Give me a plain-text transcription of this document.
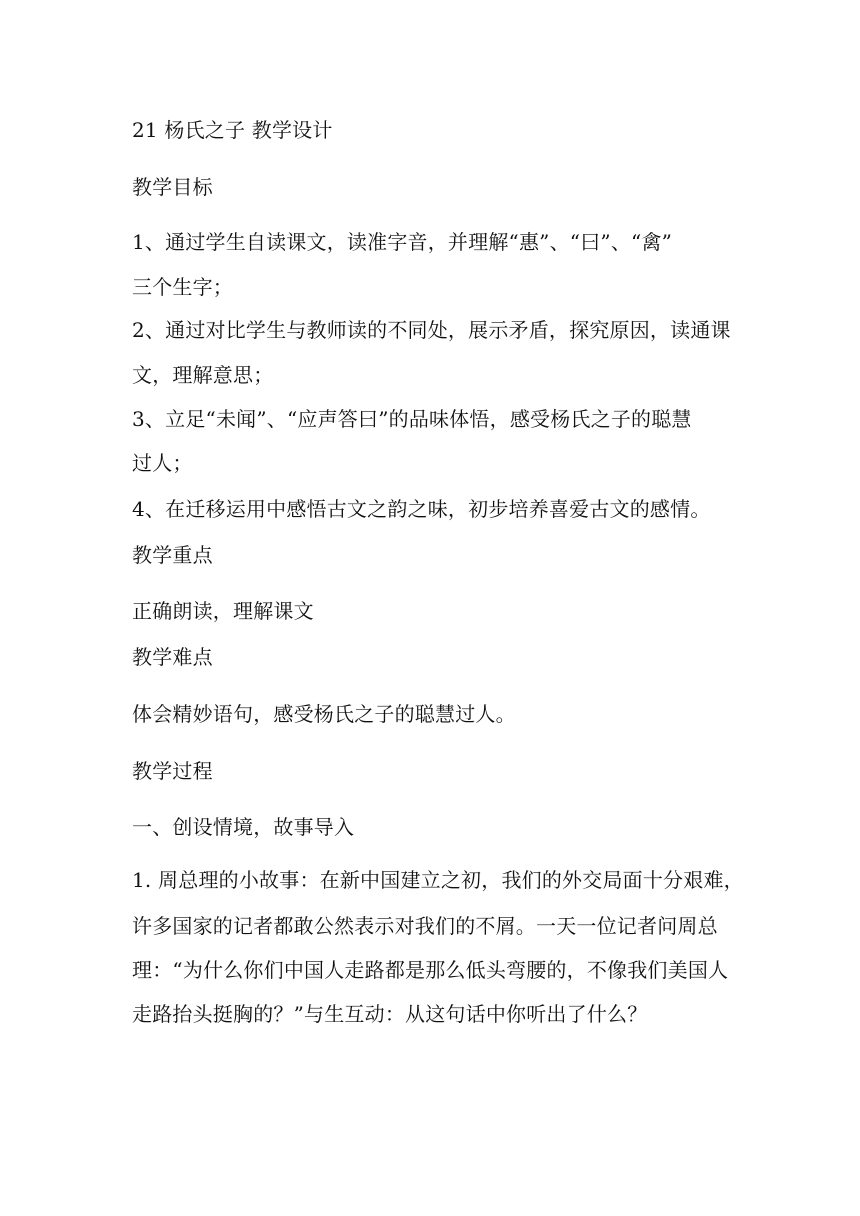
21 杨氏之子 教学设计
教学目标
1、通过学生自读课文，读准字音，并理解“惠”、“曰”、“禽”
三个生字；
2、通过对比学生与教师读的不同处，展示矛盾，探究原因，读通课
文，理解意思；
3、立足“未闻”、“应声答曰”的品味体悟，感受杨氏之子的聪慧
过人；
4、在迁移运用中感悟古文之韵之味，初步培养喜爱古文的感情。
教学重点
正确朗读，理解课文
教学难点
体会精妙语句，感受杨氏之子的聪慧过人。
教学过程
一、创设情境，故事导入
1. 周总理的小故事：在新中国建立之初，我们的外交局面十分艰难，
许多国家的记者都敢公然表示对我们的不屑。一天一位记者问周总
理：“为什么你们中国人走路都是那么低头弯腰的，不像我们美国人
走路抬头挺胸的？”与生互动：从这句话中你听出了什么？
